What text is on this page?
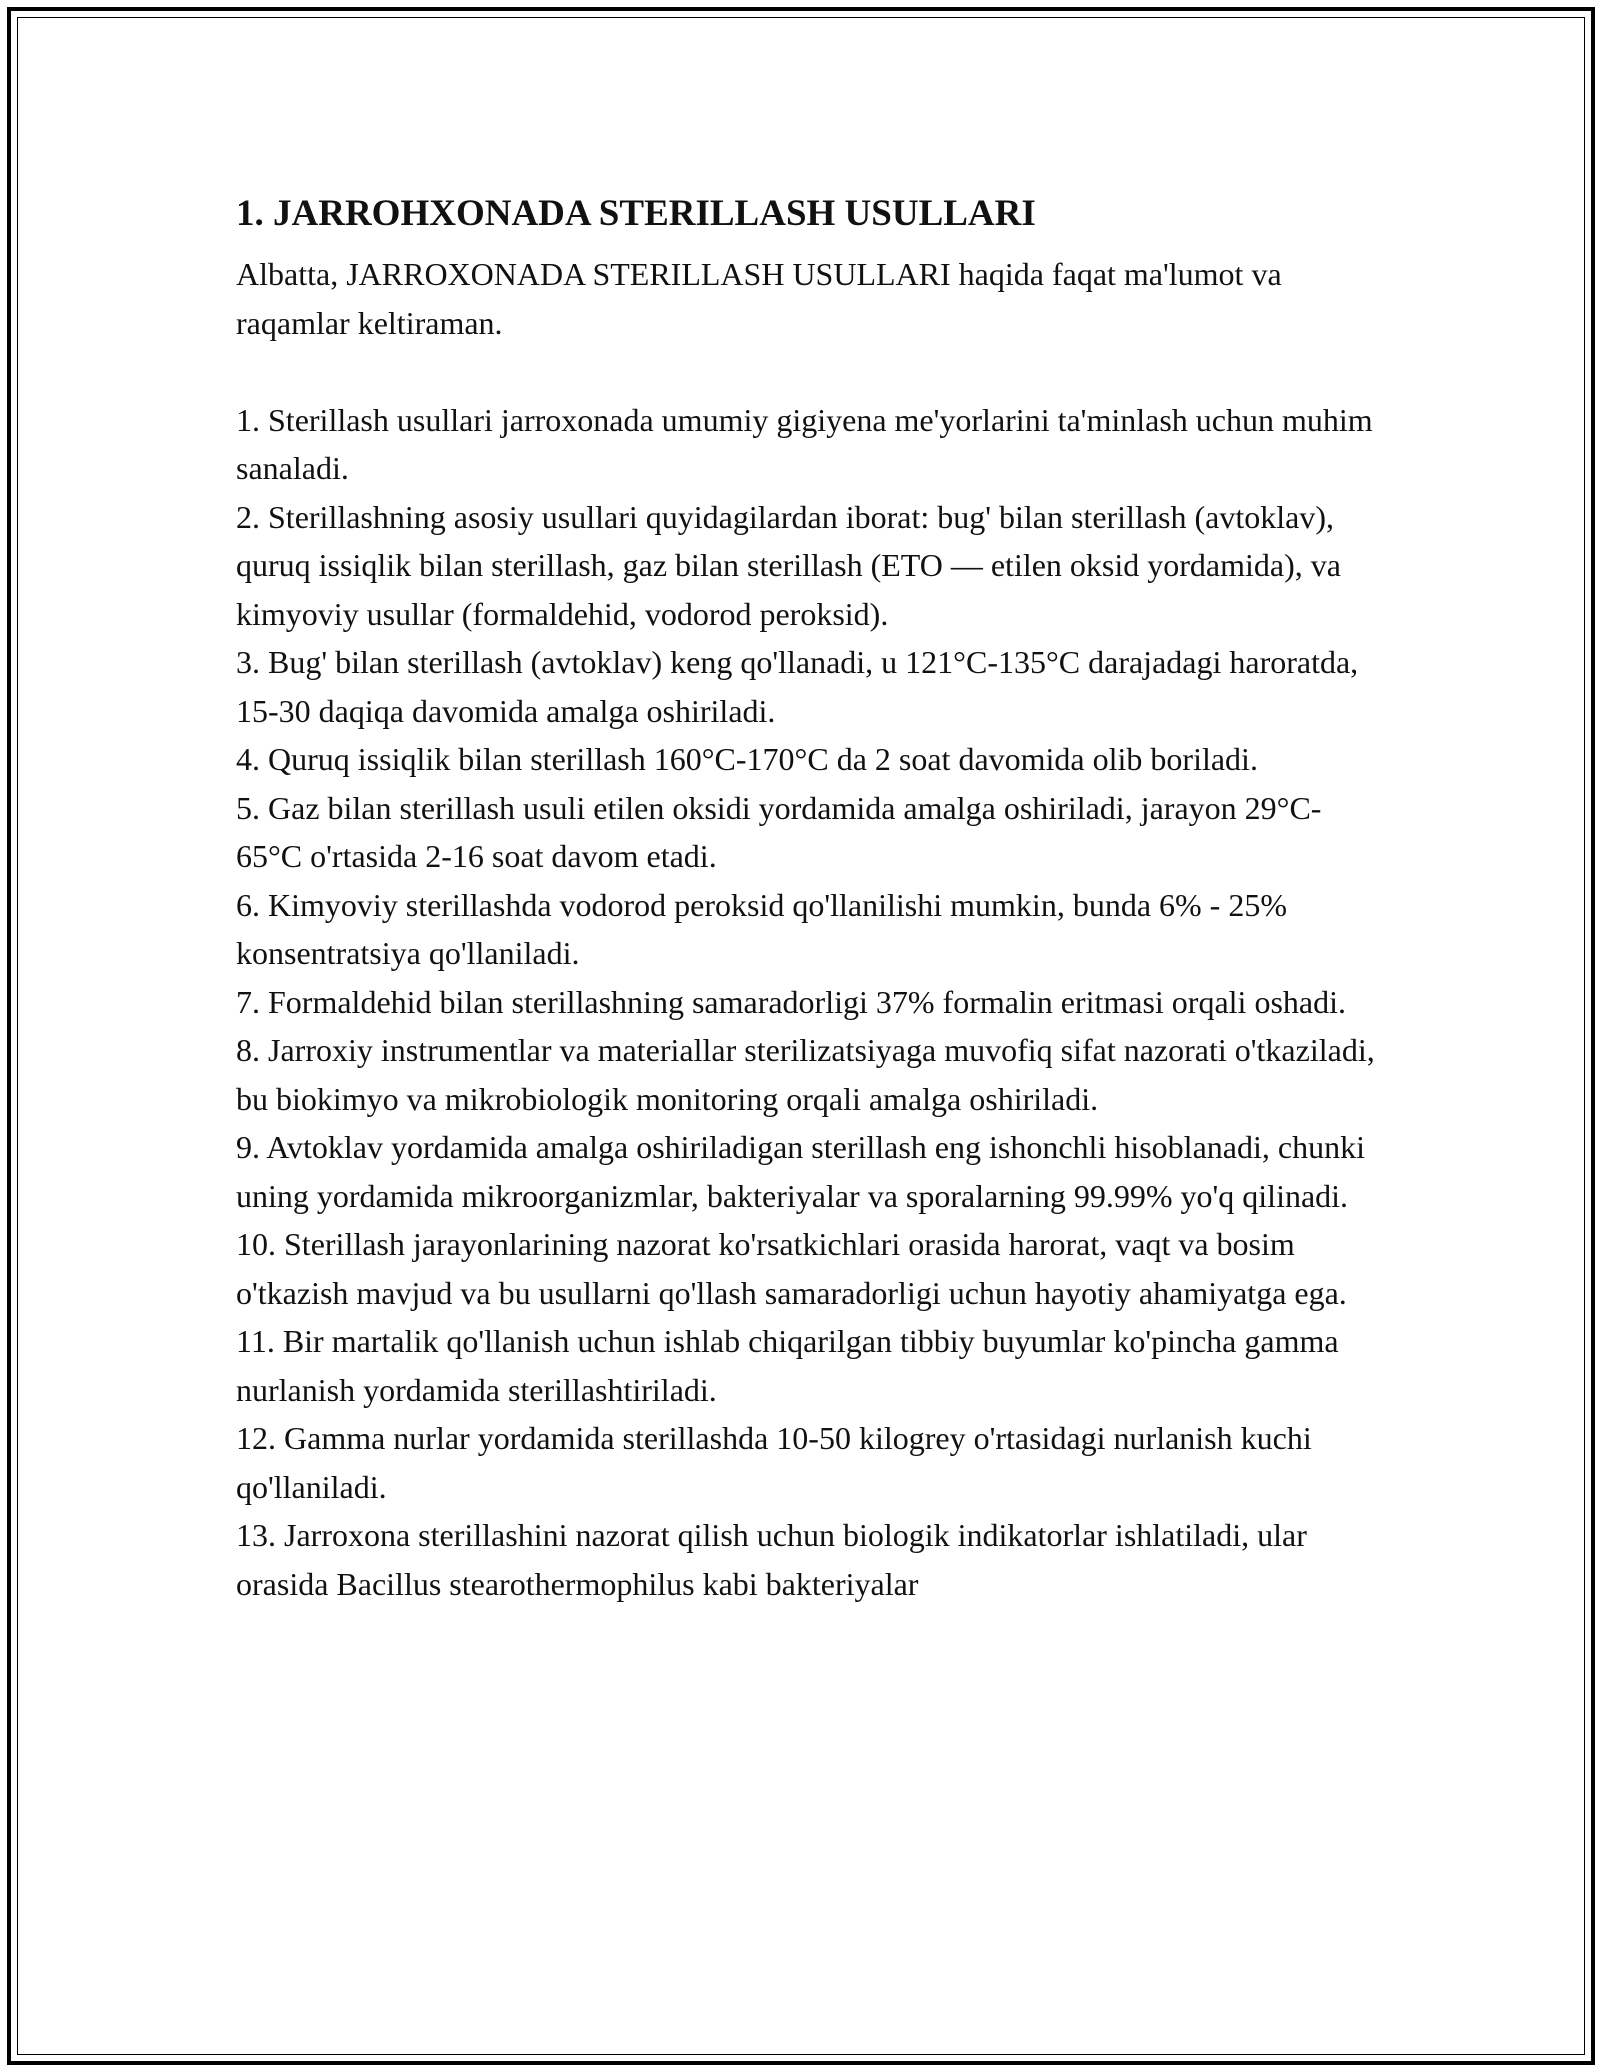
1. JARROHXONADA STERILLASH USULLARI

Albatta, JARROXONADA STERILLASH USULLARI haqida faqat ma'lumot va raqamlar keltiraman.

1. Sterillash usullari jarroxonada umumiy gigiyena me'yorlarini ta'minlash uchun muhim sanaladi.
2. Sterillashning asosiy usullari quyidagilardan iborat: bug' bilan sterillash (avtoklav), quruq issiqlik bilan sterillash, gaz bilan sterillash (ETO — etilen oksid yordamida), va kimyoviy usullar (formaldehid, vodorod peroksid).
3. Bug' bilan sterillash (avtoklav) keng qo'llanadi, u 121°C-135°C darajadagi haroratda, 15-30 daqiqa davomida amalga oshiriladi.
4. Quruq issiqlik bilan sterillash 160°C-170°C da 2 soat davomida olib boriladi.
5. Gaz bilan sterillash usuli etilen oksidi yordamida amalga oshiriladi, jarayon 29°C-65°C o'rtasida 2-16 soat davom etadi.
6. Kimyoviy sterillashda vodorod peroksid qo'llanilishi mumkin, bunda 6% - 25% konsentratsiya qo'llaniladi.
7. Formaldehid bilan sterillashning samaradorligi 37% formalin eritmasi orqali oshadi.
8. Jarroxiy instrumentlar va materiallar sterilizatsiyaga muvofiq sifat nazorati o'tkaziladi, bu biokimyo va mikrobiologik monitoring orqali amalga oshiriladi.
9. Avtoklav yordamida amalga oshiriladigan sterillash eng ishonchli hisoblanadi, chunki uning yordamida mikroorganizmlar, bakteriyalar va sporalarning 99.99% yo'q qilinadi.
10. Sterillash jarayonlarining nazorat ko'rsatkichlari orasida harorat, vaqt va bosim o'tkazish mavjud va bu usullarni qo'llash samaradorligi uchun hayotiy ahamiyatga ega.
11. Bir martalik qo'llanish uchun ishlab chiqarilgan tibbiy buyumlar ko'pincha gamma nurlanish yordamida sterillashtiriladi.
12. Gamma nurlar yordamida sterillashda 10-50 kilogrey o'rtasidagi nurlanish kuchi qo'llaniladi.
13. Jarroxona sterillashini nazorat qilish uchun biologik indikatorlar ishlatiladi, ular orasida Bacillus stearothermophilus kabi bakteriyalar
